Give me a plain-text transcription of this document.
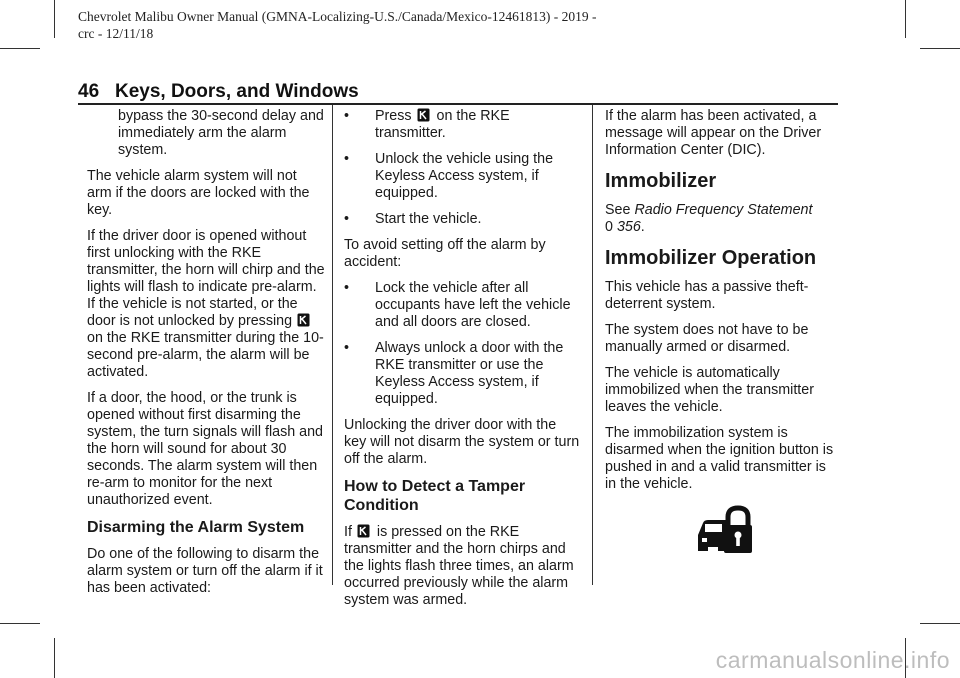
Chevrolet Malibu Owner Manual (GMNA-Localizing-U.S./Canada/Mexico-12461813) - 2019 - crc - 12/11/18
46 Keys, Doors, and Windows

bypass the 30-second delay and immediately arm the alarm system.

The vehicle alarm system will not arm if the doors are locked with the key.

If the driver door is opened without first unlocking with the RKE transmitter, the horn will chirp and the lights will flash to indicate pre-alarm. If the vehicle is not started, or the door is not unlocked by pressing  on the RKE transmitter during the 10-second pre-alarm, the alarm will be activated.

If a door, the hood, or the trunk is opened without first disarming the system, the turn signals will flash and the horn will sound for about 30 seconds. The alarm system will then re-arm to monitor for the next unauthorized event.

Disarming the Alarm System

Do one of the following to disarm the alarm system or turn off the alarm if it has been activated:

• Press on the RKE transmitter.
• Unlock the vehicle using the Keyless Access system, if equipped.
• Start the vehicle.

To avoid setting off the alarm by accident:

• Lock the vehicle after all occupants have left the vehicle and all doors are closed.
• Always unlock a door with the RKE transmitter or use the Keyless Access system, if equipped.

Unlocking the driver door with the key will not disarm the system or turn off the alarm.

How to Detect a Tamper Condition

If is pressed on the RKE transmitter and the horn chirps and the lights flash three times, an alarm occurred previously while the alarm system was armed.

If the alarm has been activated, a message will appear on the Driver Information Center (DIC).

Immobilizer

See Radio Frequency Statement
0 356.

Immobilizer Operation

This vehicle has a passive theft-deterrent system.

The system does not have to be manually armed or disarmed.

The vehicle is automatically immobilized when the transmitter leaves the vehicle.

The immobilization system is disarmed when the ignition button is pushed in and a valid transmitter is in the vehicle.

carmanualsonline.info
